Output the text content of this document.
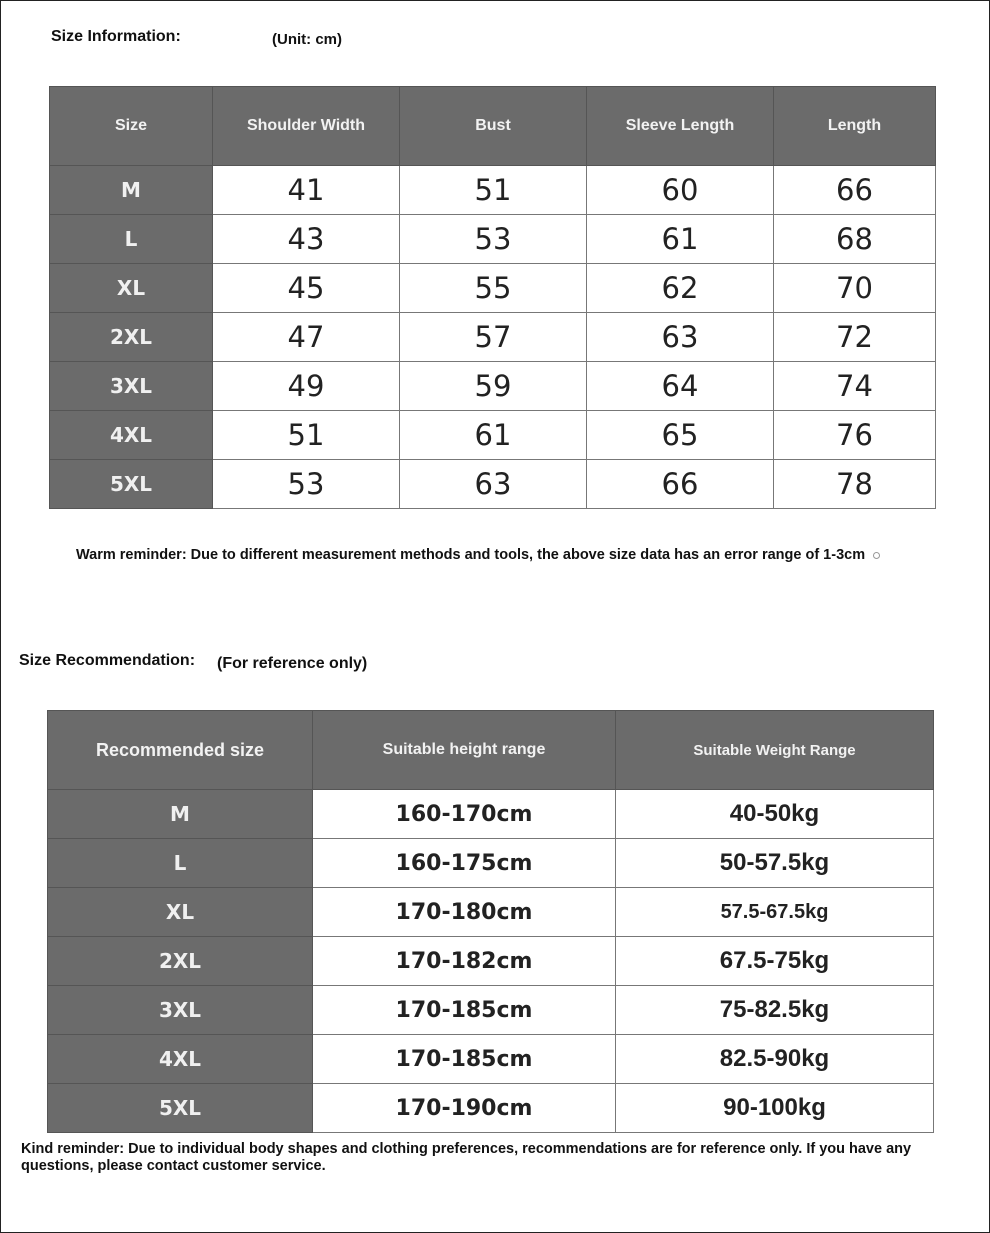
Size Information:	(Unit: cm)
Size	Shoulder Width	Bust	Sleeve Length	Length
M	41	51	60	66
L	43	53	61	68
XL	45	55	62	70
2XL	47	57	63	72
3XL	49	59	64	74
4XL	51	61	65	76
5XL	53	63	66	78
Warm reminder: Due to different measurement methods and tools, the above size data has an error range of 1-3cm
Size Recommendation: (For reference only)
Recommended size	Suitable height range	Suitable Weight Range
M	160-170cm	40-50kg
L	160-175cm	50-57.5kg
XL	170-180cm	57.5-67.5kg
2XL	170-182cm	67.5-75kg
3XL	170-185cm	75-82.5kg
4XL	170-185cm	82.5-90kg
5XL	170-190cm	90-100kg
Kind reminder: Due to individual body shapes and clothing preferences, recommendations are for reference only. If you have any questions, please contact customer service.
